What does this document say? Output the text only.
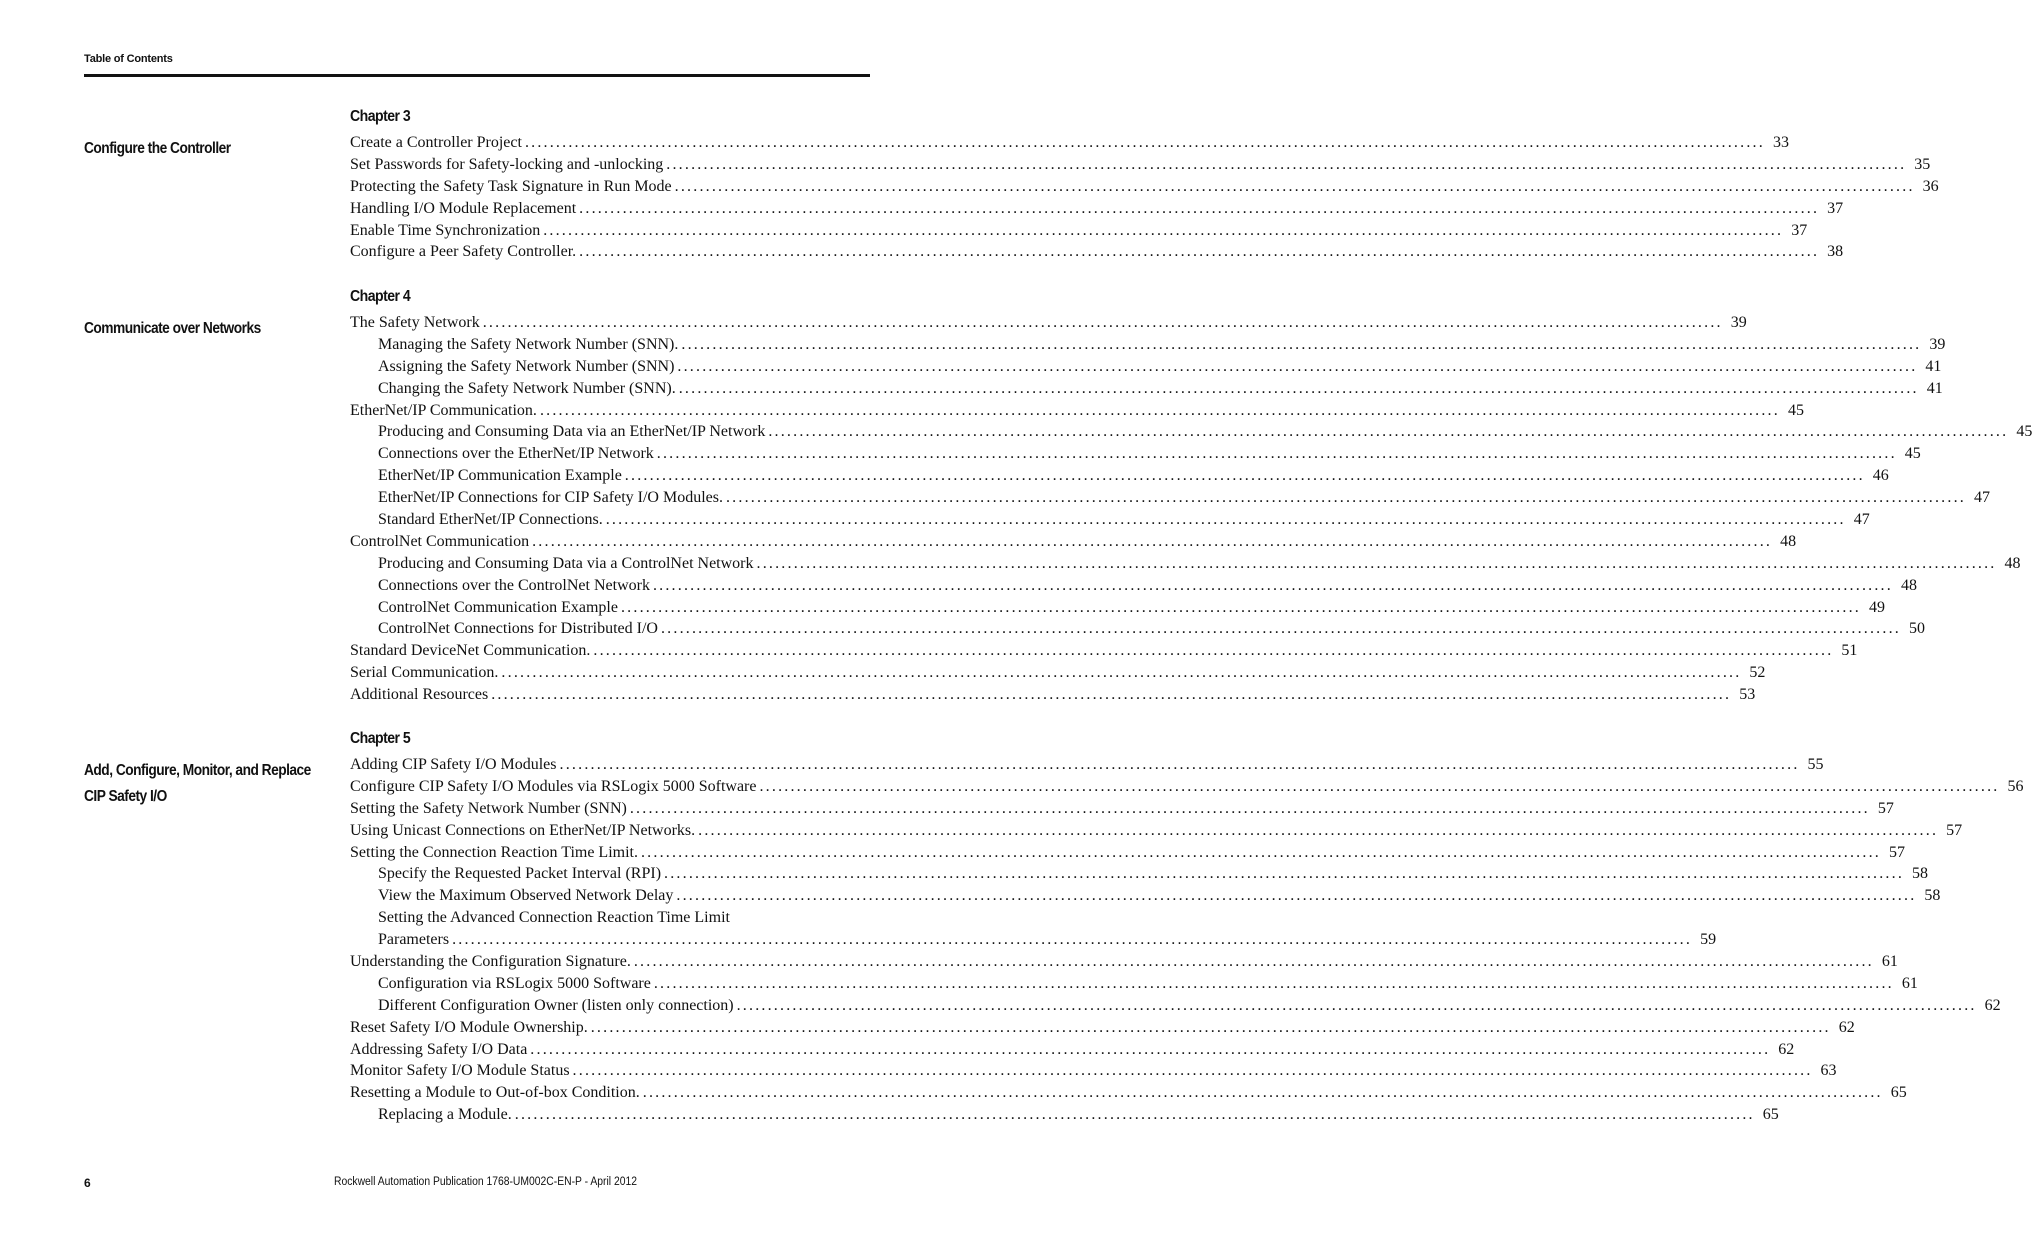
Table of Contents
Chapter 3
Configure the Controller	Create a Controller Project ........................................................................................................................................................................................................ 33
Set Passwords for Safety-locking and -unlocking ........................................................................................................................................................................................................ 35
Protecting the Safety Task Signature in Run Mode ........................................................................................................................................................................................................ 36
Handling I/O Module Replacement ........................................................................................................................................................................................................ 37
Enable Time Synchronization ........................................................................................................................................................................................................ 37
Configure a Peer Safety Controller. ........................................................................................................................................................................................................ 38
Chapter 4
Communicate over Networks	The Safety Network ........................................................................................................................................................................................................ 39
Managing the Safety Network Number (SNN). ........................................................................................................................................................................................................ 39
Assigning the Safety Network Number (SNN) ........................................................................................................................................................................................................ 41
Changing the Safety Network Number (SNN). ........................................................................................................................................................................................................ 41
EtherNet/IP Communication. ........................................................................................................................................................................................................ 45
Producing and Consuming Data via an EtherNet/IP Network ........................................................................................................................................................................................................ 45
Connections over the EtherNet/IP Network ........................................................................................................................................................................................................ 45
EtherNet/IP Communication Example ........................................................................................................................................................................................................ 46
EtherNet/IP Connections for CIP Safety I/O Modules. ........................................................................................................................................................................................................ 47
Standard EtherNet/IP Connections. ........................................................................................................................................................................................................ 47
ControlNet Communication ........................................................................................................................................................................................................ 48
Producing and Consuming Data via a ControlNet Network ........................................................................................................................................................................................................ 48
Connections over the ControlNet Network ........................................................................................................................................................................................................ 48
ControlNet Communication Example ........................................................................................................................................................................................................ 49
ControlNet Connections for Distributed I/O ........................................................................................................................................................................................................ 50
Standard DeviceNet Communication. ........................................................................................................................................................................................................ 51
Serial Communication. ........................................................................................................................................................................................................ 52
Additional Resources ........................................................................................................................................................................................................ 53
Chapter 5
Add, Configure, Monitor, and Replace
CIP Safety I/O
Adding CIP Safety I/O Modules ........................................................................................................................................................................................................ 55
Configure CIP Safety I/O Modules via RSLogix 5000 Software ........................................................................................................................................................................................................ 56
Setting the Safety Network Number (SNN) ........................................................................................................................................................................................................ 57
Using Unicast Connections on EtherNet/IP Networks. ........................................................................................................................................................................................................ 57
Setting the Connection Reaction Time Limit. ........................................................................................................................................................................................................ 57
Specify the Requested Packet Interval (RPI) ........................................................................................................................................................................................................ 58
View the Maximum Observed Network Delay ........................................................................................................................................................................................................ 58
Setting the Advanced Connection Reaction Time Limit
Parameters ........................................................................................................................................................................................................ 59
Understanding the Configuration Signature. ........................................................................................................................................................................................................ 61
Configuration via RSLogix 5000 Software ........................................................................................................................................................................................................ 61
Different Configuration Owner (listen only connection) ........................................................................................................................................................................................................ 62
Reset Safety I/O Module Ownership. ........................................................................................................................................................................................................ 62
Addressing Safety I/O Data ........................................................................................................................................................................................................ 62
Monitor Safety I/O Module Status ........................................................................................................................................................................................................ 63
Resetting a Module to Out-of-box Condition. ........................................................................................................................................................................................................ 65
Replacing a Module. ........................................................................................................................................................................................................ 65
6	Rockwell Automation Publication 1768-UM002C-EN-P - April 2012
